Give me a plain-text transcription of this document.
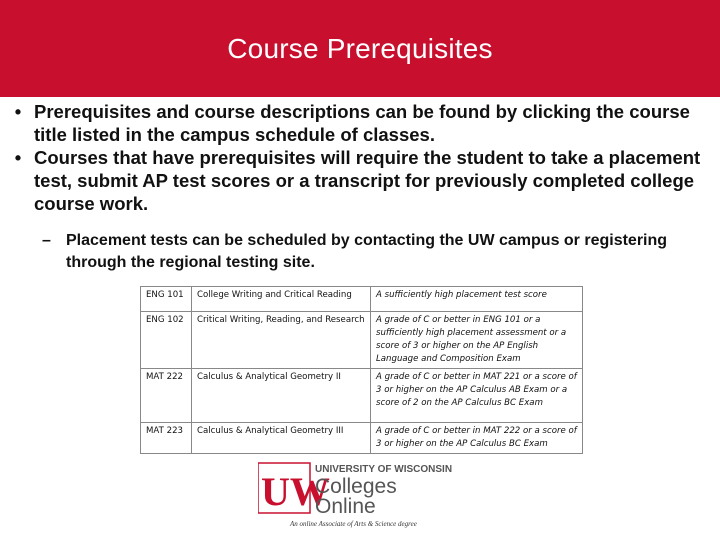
Course Prerequisites
• Prerequisites and course descriptions can be found by clicking the course title listed in the campus schedule of classes.
• Courses that have prerequisites will require the student to take a placement test, submit AP test scores or a transcript for previously completed college course work.
– Placement tests can be scheduled by contacting the UW campus or registering through the regional testing site.
ENG 101	College Writing and Critical Reading	A sufficiently high placement test score
ENG 102	Critical Writing, Reading, and Research	A grade of C or better in ENG 101 or a sufficiently high placement assessment or a score of 3 or higher on the AP English Language and Composition Exam
MAT 222	Calculus & Analytical Geometry II	A grade of C or better in MAT 221 or a score of 3 or higher on the AP Calculus AB Exam or a score of 2 on the AP Calculus BC Exam
MAT 223	Calculus & Analytical Geometry III	A grade of C or better in MAT 222 or a score of 3 or higher on the AP Calculus BC Exam
UW
UNIVERSITY OF WISCONSIN
Colleges
Online
An online Associate of Arts & Science degree
